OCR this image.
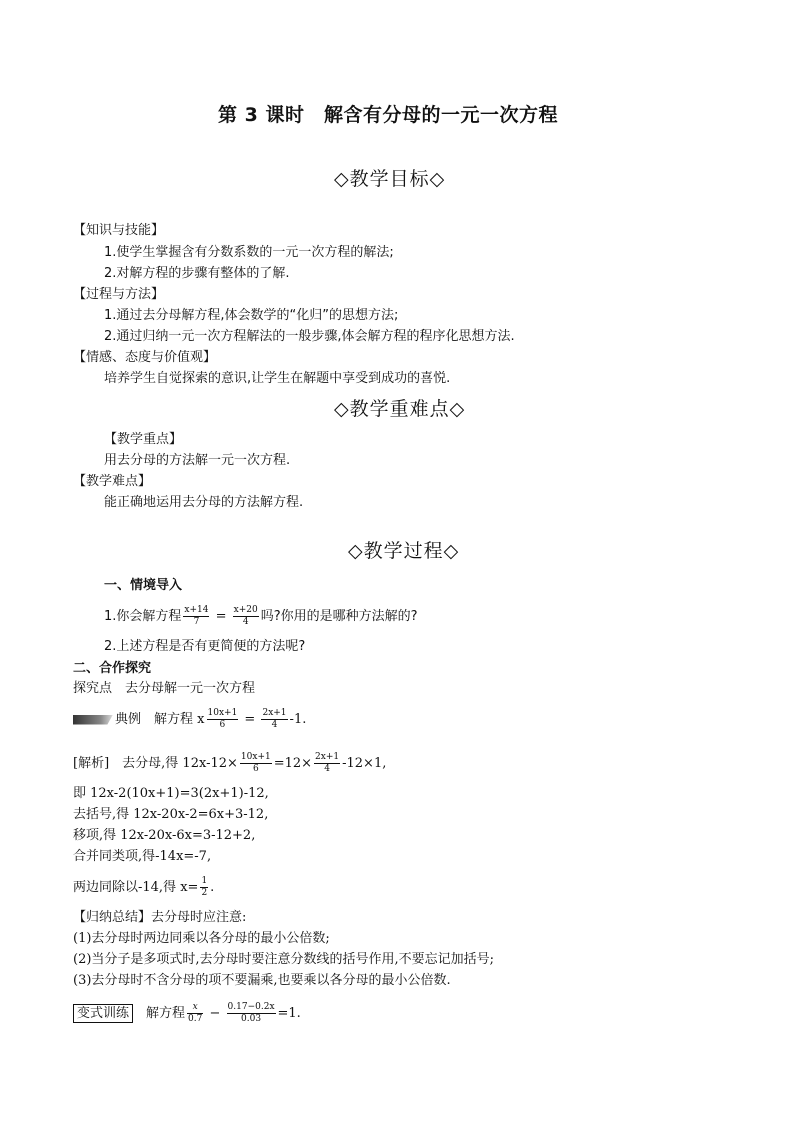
第 3 课时　解含有分母的一元一次方程
◇教学目标◇
【知识与技能】
1.使学生掌握含有分数系数的一元一次方程的解法;
2.对解方程的步骤有整体的了解.
【过程与方法】
1.通过去分母解方程,体会数学的“化归”的思想方法;
2.通过归纳一元一次方程解法的一般步骤,体会解方程的程序化思想方法.
【情感、态度与价值观】
培养学生自觉探索的意识,让学生在解题中享受到成功的喜悦.
◇教学重难点◇
【教学重点】
用去分母的方法解一元一次方程.
【教学难点】
能正确地运用去分母的方法解方程.
◇教学过程◇
一、情境导入
1.你会解方程 $\frac{x+14}{7} = \frac{x+20}{4}$ 吗?你用的是哪种方法解的?
2.上述方程是否有更简便的方法呢?
二、合作探究
探究点　去分母解一元一次方程
典例　 解方程 x $\frac{10x+1}{6} = \frac{2x+1}{4} -1$.
[解析]　 去分母,得 $12x-12\times \frac{10x+1}{6} =12\times \frac{2x+1}{4} -12\times 1$,
即 12x-2(10x+1)=3(2x+1)-12,
去括号,得 12x-20x-2=6x+3-12,
移项,得 12x-20x-6x=3-12+2,
合并同类项,得-14x=-7,
两边同除以-14,得 $x= \frac{1}{2}$ .
【归纳总结】去分母时应注意:
(1)去分母时两边同乘以各分母的最小公倍数;
(2)当分子是多项式时,去分母时要注意分数线的括号作用,不要忘记加括号;
(3)去分母时不含分母的项不要漏乘,也要乘以各分母的最小公倍数.
变式训练　 解方程 $\frac{x}{0.7} - \frac{0.17-0.2x}{0.03} =1$.
